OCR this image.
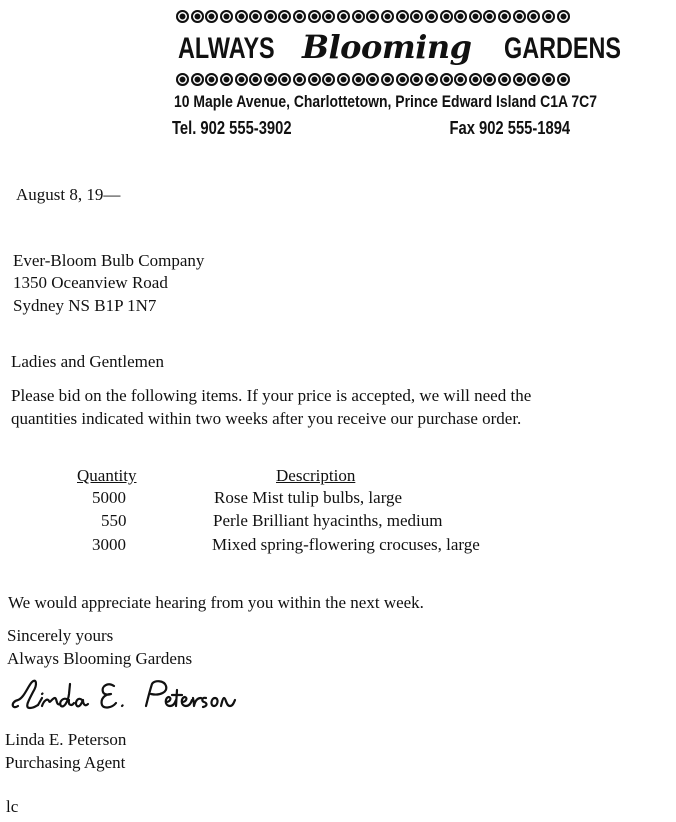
ALWAYS Blooming GARDENS
10 Maple Avenue, Charlottetown, Prince Edward Island C1A 7C7
Tel. 902 555-3902	Fax 902 555-1894
August 8, 19—
Ever-Bloom Bulb Company
1350 Oceanview Road
Sydney NS B1P 1N7
Ladies and Gentlemen
Please bid on the following items. If your price is accepted, we will need the
quantities indicated within two weeks after you receive our purchase order.
Quantity	Description
5000	Rose Mist tulip bulbs, large
550	Perle Brilliant hyacinths, medium
3000	Mixed spring-flowering crocuses, large
We would appreciate hearing from you within the next week.
Sincerely yours
Always Blooming Gardens
Linda E. Peterson
Purchasing Agent
lc
